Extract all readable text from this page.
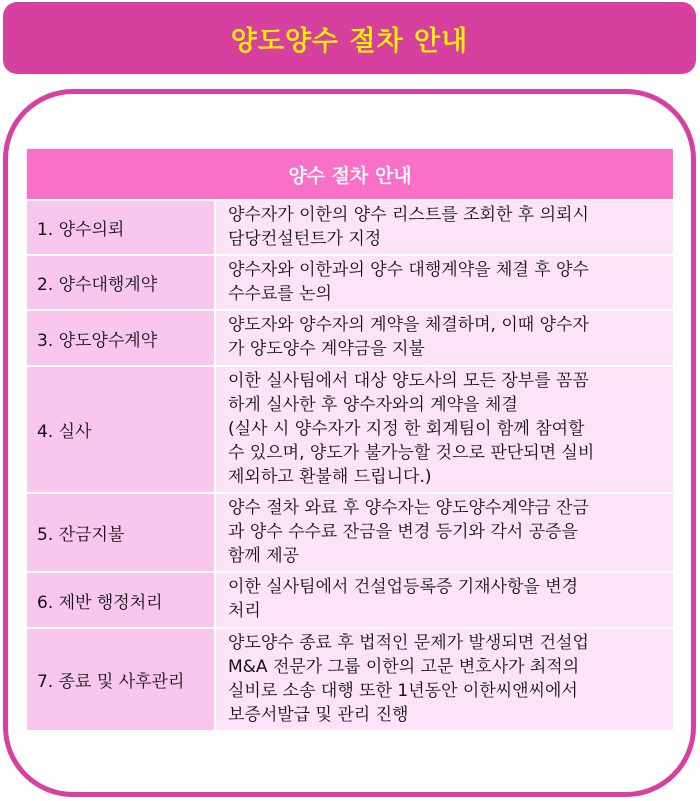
양도양수 절차 안내
양수 절차 안내
1. 양수의뢰
양수자가 이한의 양수 리스트를 조회한 후 의뢰시
담당컨설턴트가 지정
2. 양수대행계약
양수자와 이한과의 양수 대행계약을 체결 후 양수
수수료를 논의
3. 양도양수계약
양도자와 양수자의 계약을 체결하며, 이때 양수자
가 양도양수 계약금을 지불
4. 실사
이한 실사팀에서 대상 양도사의 모든 장부를 꼼꼼
하게 실사한 후 양수자와의 계약을 체결
(실사 시 양수자가 지정 한 회계팀이 함께 참여할
수 있으며, 양도가 불가능할 것으로 판단되면 실비
제외하고 환불해 드립니다.)
5. 잔금지불
양수 절차 와료 후 양수자는 양도양수계약금 잔금
과 양수 수수료 잔금을 변경 등기와 각서 공증을
함께 제공
6. 제반 행정처리
이한 실사팀에서 건설업등록증 기재사항을 변경
처리
7. 종료 및 사후관리
양도양수 종료 후 법적인 문제가 발생되면 건설업
M&A 전문가 그룹 이한의 고문 변호사가 최적의
실비로 소송 대행 또한 1년동안 이한씨앤씨에서
보증서발급 및 관리 진행
